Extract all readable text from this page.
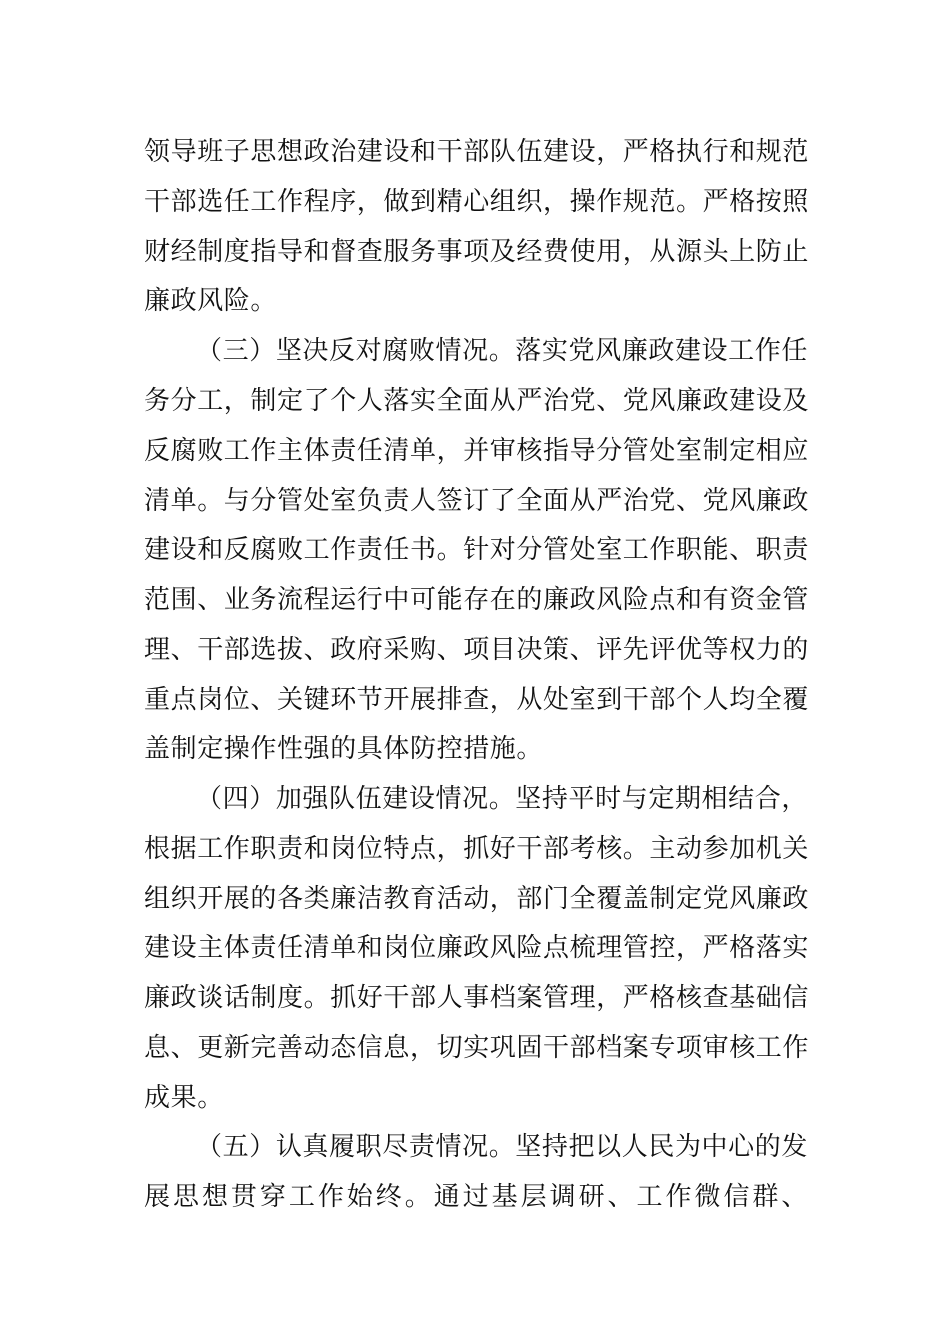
领导班子思想政治建设和干部队伍建设，严格执行和规范
干部选任工作程序，做到精心组织，操作规范。严格按照
财经制度指导和督查服务事项及经费使用，从源头上防止
廉政风险。
（三）坚决反对腐败情况。落实党风廉政建设工作任
务分工，制定了个人落实全面从严治党、党风廉政建设及
反腐败工作主体责任清单，并审核指导分管处室制定相应
清单。与分管处室负责人签订了全面从严治党、党风廉政
建设和反腐败工作责任书。针对分管处室工作职能、职责
范围、业务流程运行中可能存在的廉政风险点和有资金管
理、干部选拔、政府采购、项目决策、评先评优等权力的
重点岗位、关键环节开展排查，从处室到干部个人均全覆
盖制定操作性强的具体防控措施。
（四）加强队伍建设情况。坚持平时与定期相结合，
根据工作职责和岗位特点，抓好干部考核。主动参加机关
组织开展的各类廉洁教育活动，部门全覆盖制定党风廉政
建设主体责任清单和岗位廉政风险点梳理管控，严格落实
廉政谈话制度。抓好干部人事档案管理，严格核查基础信
息、更新完善动态信息，切实巩固干部档案专项审核工作
成果。
（五）认真履职尽责情况。坚持把以人民为中心的发
展思想贯穿工作始终。通过基层调研、工作微信群、
